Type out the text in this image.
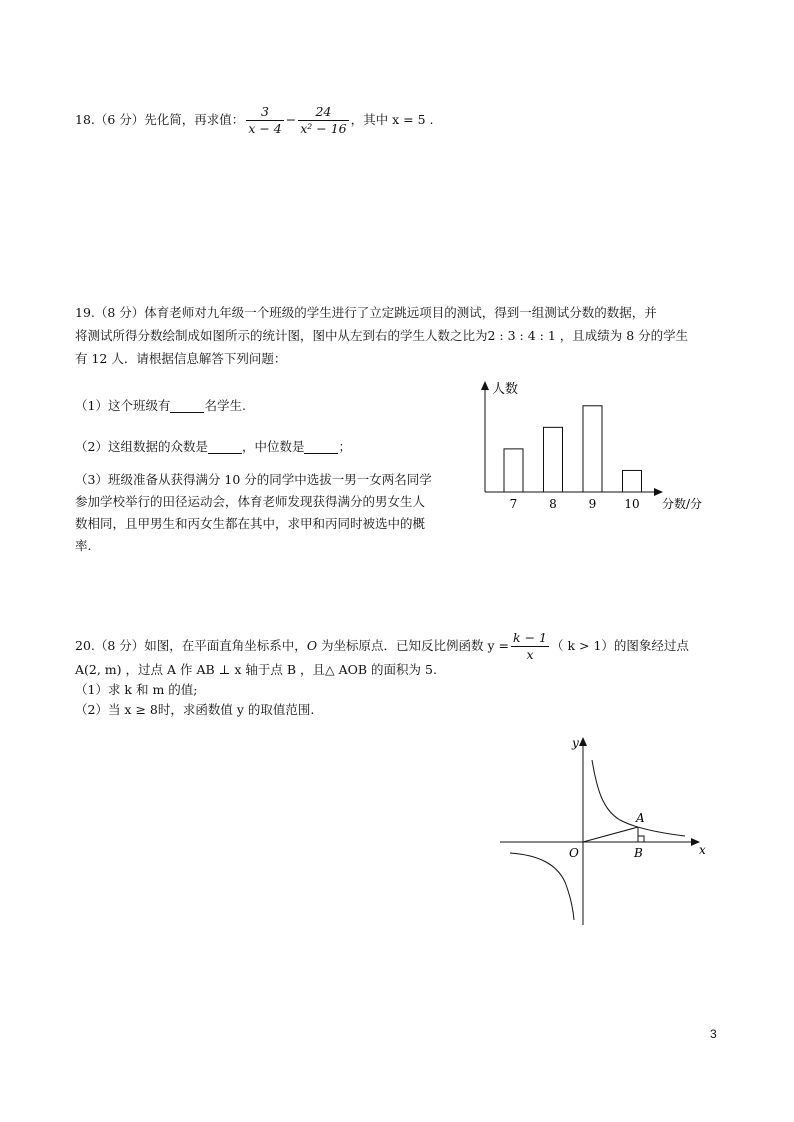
18.（6 分）先化简，再求值： $\frac{3}{x - 4} - \frac{24}{\text{x² − 16}}$ ，其中 x = 5 .
19.（8 分）体育老师对九年级一个班级的学生进行了立定跳远项目的测试，得到一组测试分数的数据，并
将测试所得分数绘制成如图所示的统计图，图中从左到右的学生人数之比为2 : 3 : 4 : 1 ，且成绩为 8 分的学生
有 12 人．请根据信息解答下列问题：
（1）这个班级有	名学生.
（2）这组数据的众数是	，中位数是	；
（3）班级准备从获得满分 10 分的同学中选拔一男一女两名同学
参加学校举行的田径运动会，体育老师发现获得满分的男女生人
数相同，且甲男生和丙女生都在其中，求甲和丙同时被选中的概
率.
人数
分数/分
7	8	9 10
20.（8 分）如图，在平面直角坐标系中，O 为坐标原点．已知反比例函数 $y = \frac{k - 1}{x}$ （ k > 1）的图象经过点
A(2, m) ，过点 A 作 AB ⊥ x 轴于点 B ，且△ AOB 的面积为 5.
（1）求 k 和 m 的值;
（2）当 x ≥ 8时，求函数值 y 的取值范围.
x
y
O
A
B
3
